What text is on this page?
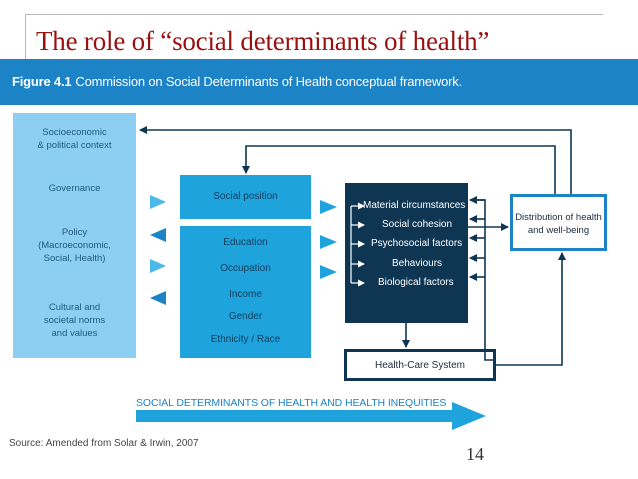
The role of “social determinants of health”
Figure 4.1 Commission on Social Determinants of Health conceptual framework.
Socioeconomic
& political context
Governance
Policy
(Macroeconomic,
Social, Health)
Cultural and
societal norms
and values
Social position
Education
Occupation
Income
Gender
Ethnicity / Race
Material circumstances
Social cohesion
Psychosocial factors
Behaviours
Biological factors
Distribution of health
and well-being
Health-Care System
SOCIAL DETERMINANTS OF HEALTH AND HEALTH INEQUITIES
Source: Amended from Solar & Irwin, 2007
14
